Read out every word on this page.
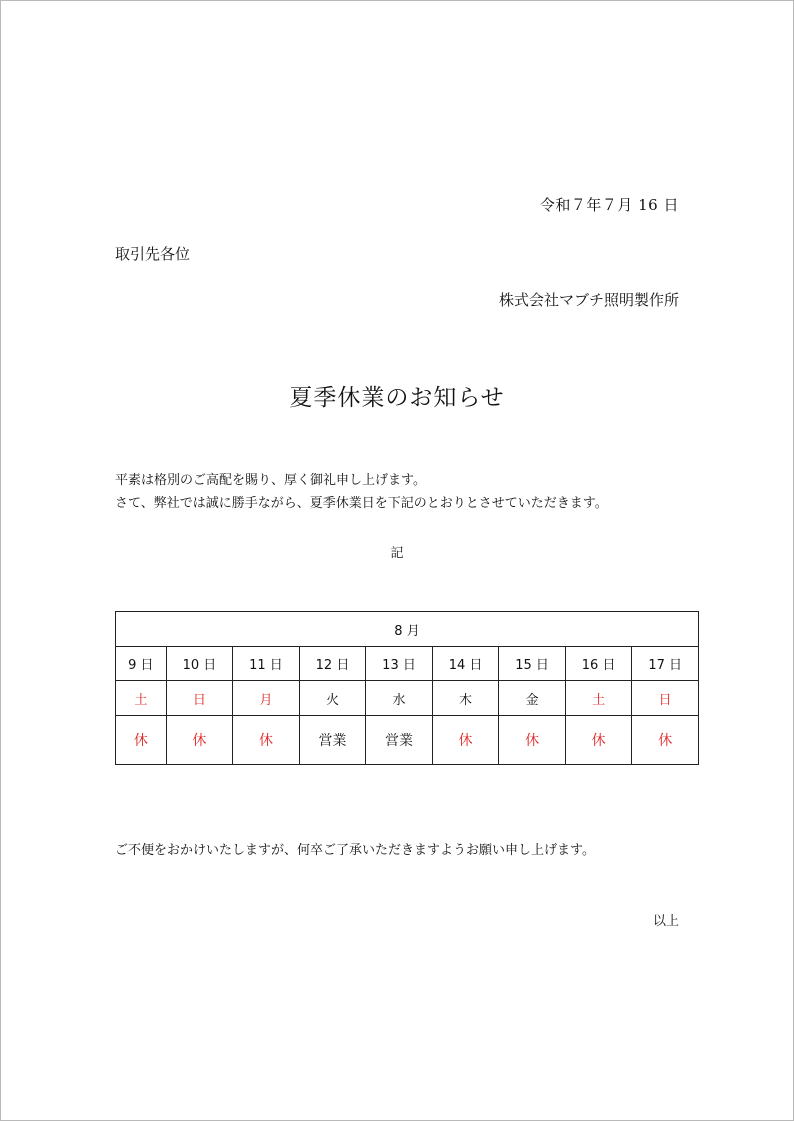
令和７年７月 16 日
取引先各位
株式会社マブチ照明製作所
夏季休業のお知らせ
平素は格別のご高配を賜り、厚く御礼申し上げます。
さて、弊社では誠に勝手ながら、夏季休業日を下記のとおりとさせていただきます。
記
8 月								
9 日	10 日	11 日	12 日	13 日	14 日	15 日	16 日	17 日
土	日	月	火	水	木	金	土	日
休	休	休	営業	営業	休	休	休	休
ご不便をおかけいたしますが、何卒ご了承いただきますようお願い申し上げます。
以上
